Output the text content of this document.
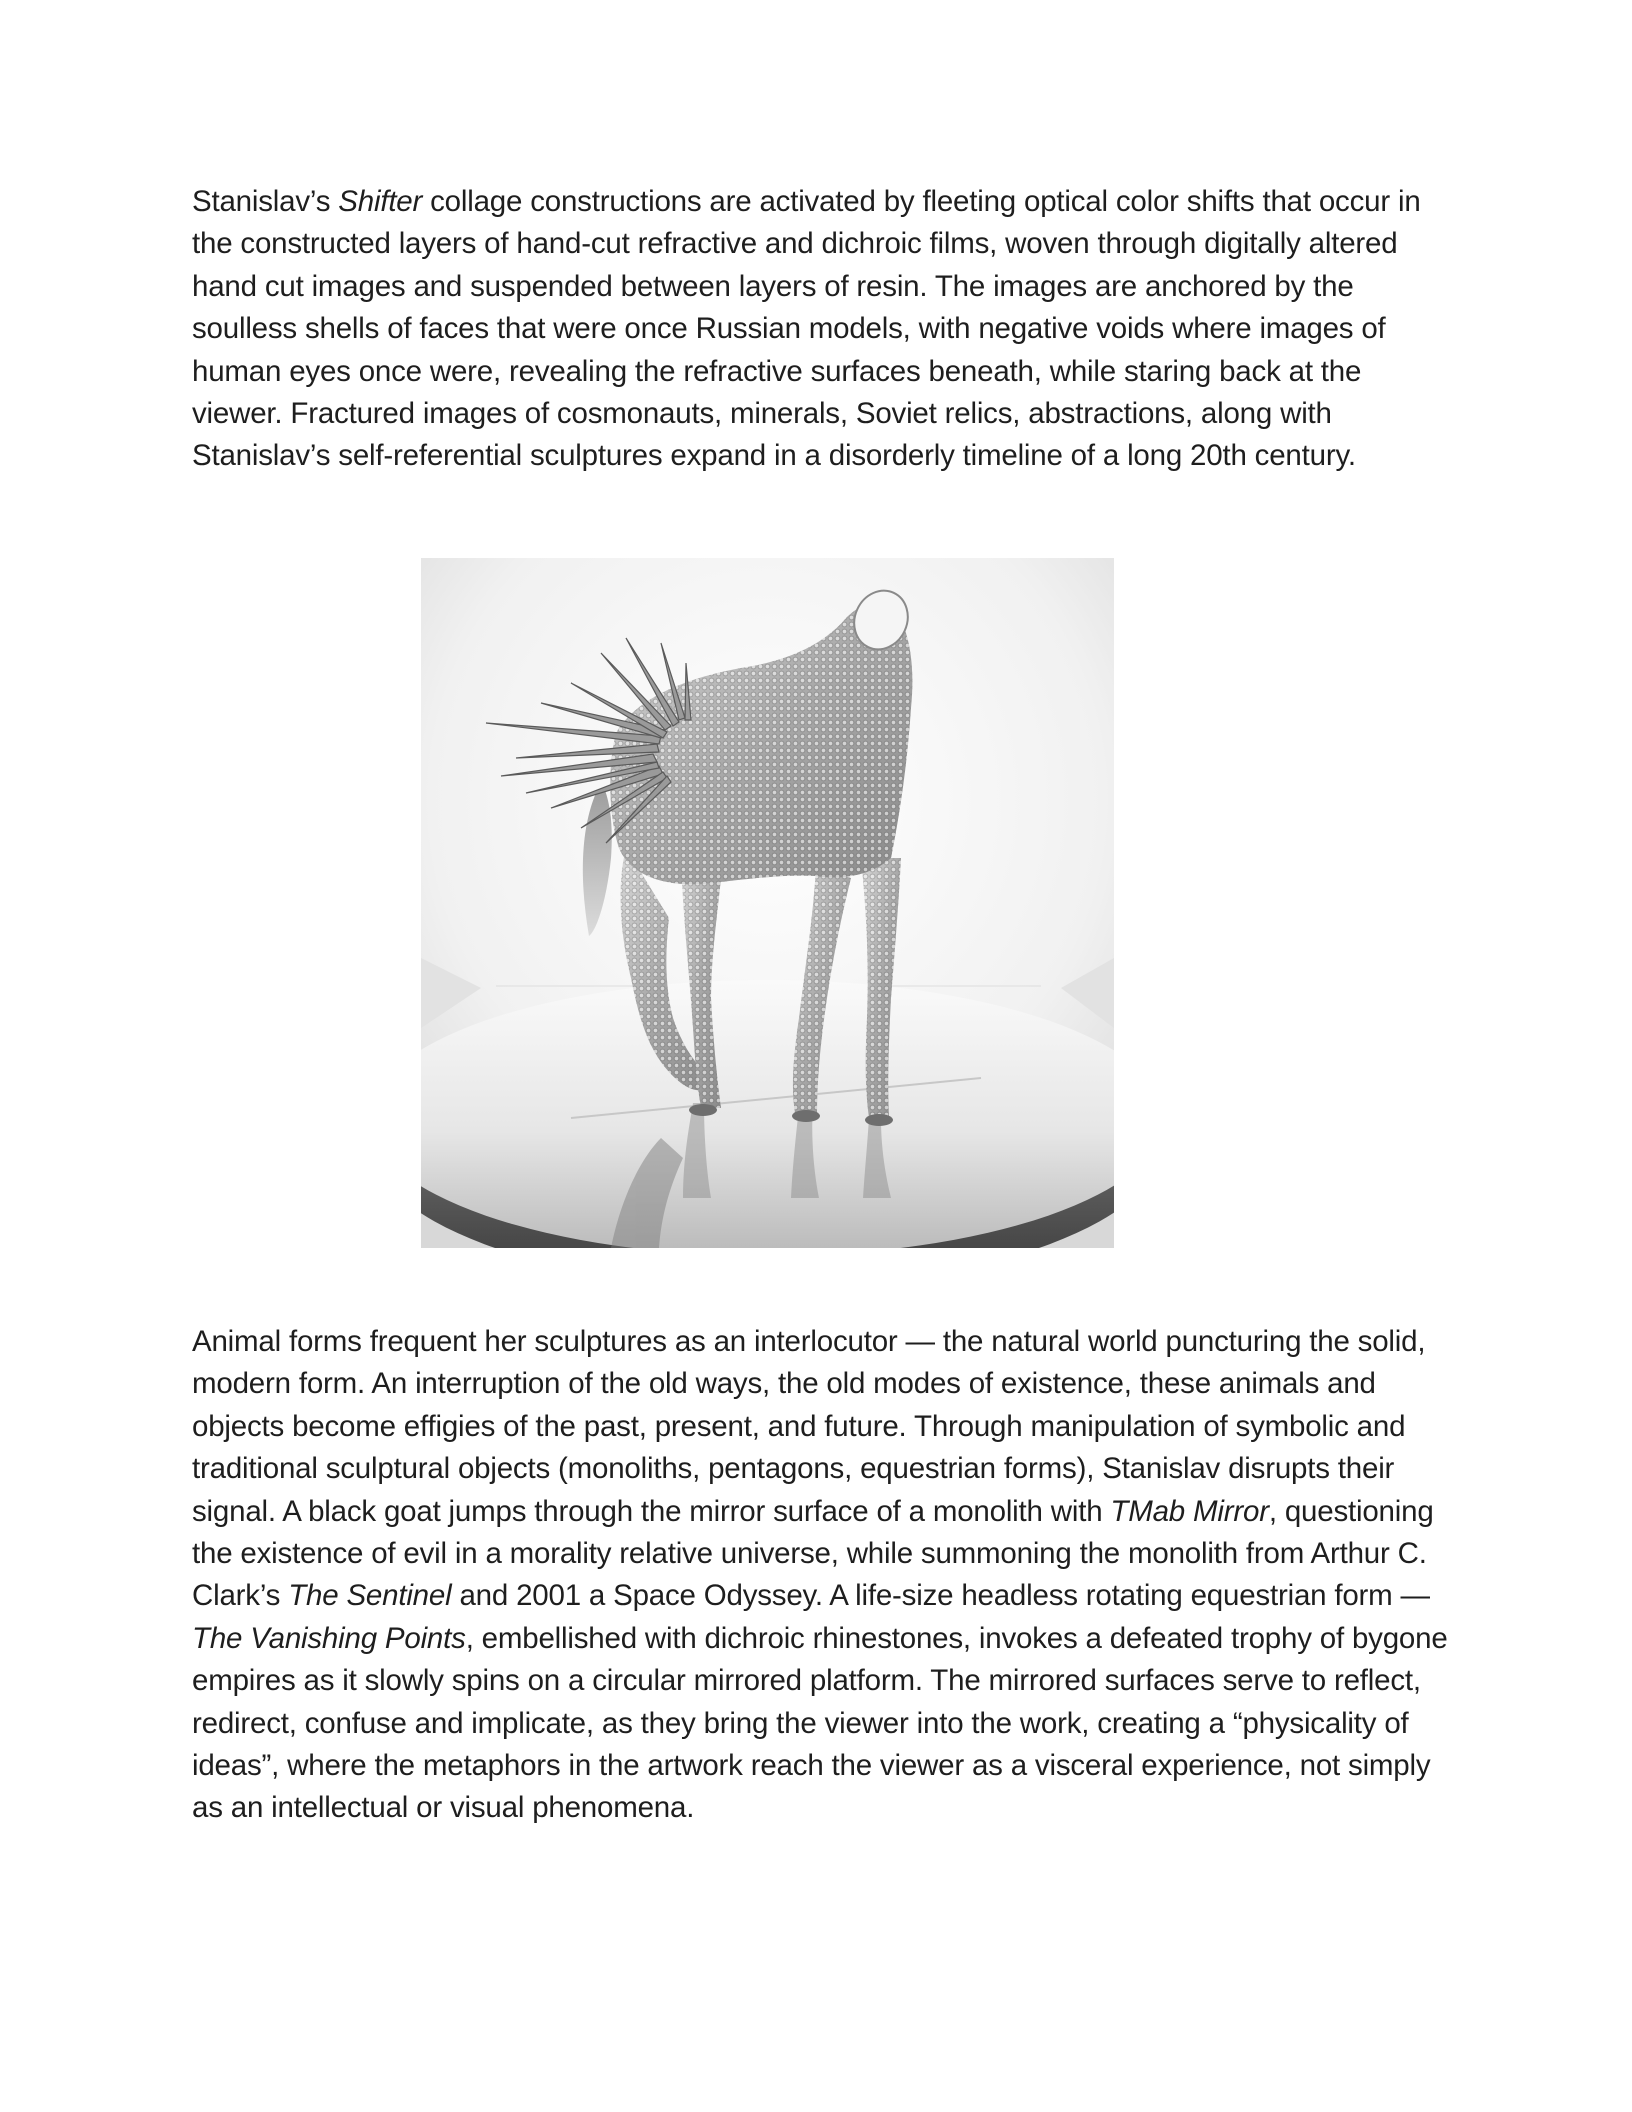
Stanislav’s Shifter collage constructions are activated by fleeting optical color shifts that occur in the constructed layers of hand-cut refractive and dichroic films, woven through digitally altered hand cut images and suspended between layers of resin. The images are anchored by the soulless shells of faces that were once Russian models, with negative voids where images of human eyes once were, revealing the refractive surfaces beneath, while staring back at the viewer. Fractured images of cosmonauts, minerals, Soviet relics, abstractions, along with Stanislav’s self-referential sculptures expand in a disorderly timeline of a long 20th century.

Animal forms frequent her sculptures as an interlocutor — the natural world puncturing the solid, modern form. An interruption of the old ways, the old modes of existence, these animals and objects become effigies of the past, present, and future. Through manipulation of symbolic and traditional sculptural objects (monoliths, pentagons, equestrian forms), Stanislav disrupts their signal. A black goat jumps through the mirror surface of a monolith with TMab Mirror, questioning the existence of evil in a morality relative universe, while summoning the monolith from Arthur C. Clark’s The Sentinel and 2001 a Space Odyssey. A life-size headless rotating equestrian form — The Vanishing Points, embellished with dichroic rhinestones, invokes a defeated trophy of bygone empires as it slowly spins on a circular mirrored platform. The mirrored surfaces serve to reflect, redirect, confuse and implicate, as they bring the viewer into the work, creating a “physicality of ideas”, where the metaphors in the artwork reach the viewer as a visceral experience, not simply as an intellectual or visual phenomena.
